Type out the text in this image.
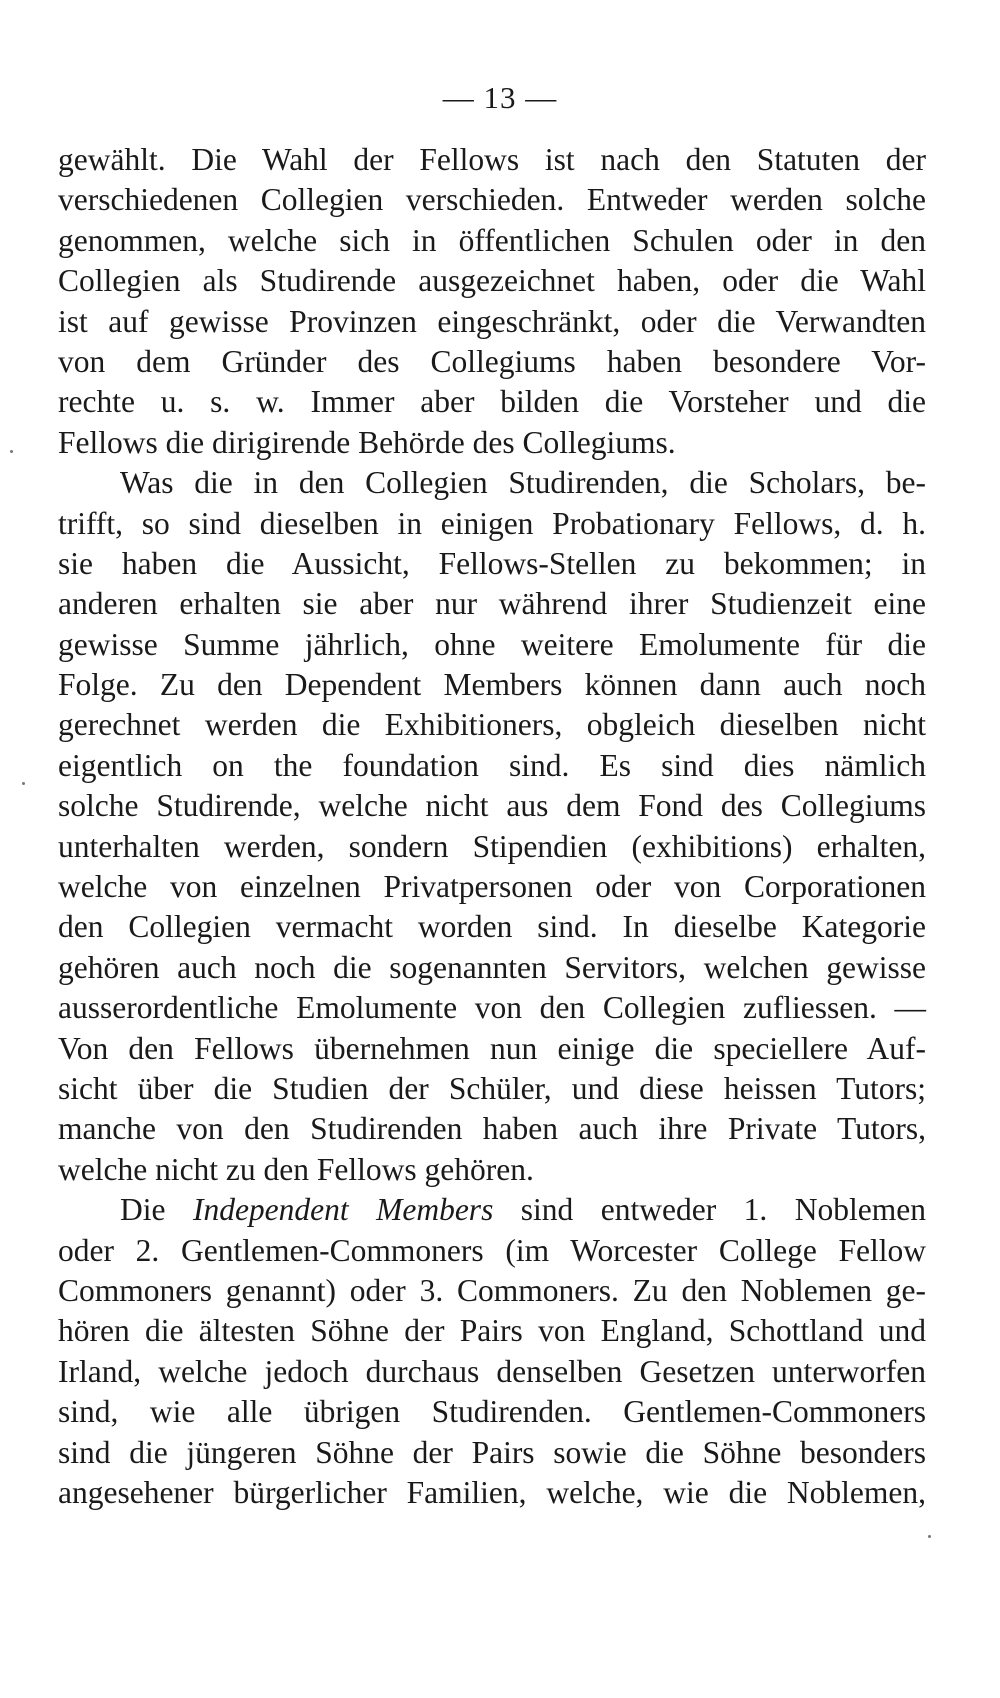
— 13 —
gewählt. Die Wahl der Fellows ist nach den Statuten der
verschiedenen Collegien verschieden. Entweder werden solche
genommen, welche sich in öffentlichen Schulen oder in den
Collegien als Studirende ausgezeichnet haben, oder die Wahl
ist auf gewisse Provinzen eingeschränkt, oder die Verwandten
von dem Gründer des Collegiums haben besondere Vor-
rechte u. s. w. Immer aber bilden die Vorsteher und die
Fellows die dirigirende Behörde des Collegiums.
Was die in den Collegien Studirenden, die Scholars, be-
trifft, so sind dieselben in einigen Probationary Fellows, d. h.
sie haben die Aussicht, Fellows-Stellen zu bekommen; in
anderen erhalten sie aber nur während ihrer Studienzeit eine
gewisse Summe jährlich, ohne weitere Emolumente für die
Folge. Zu den Dependent Members können dann auch noch
gerechnet werden die Exhibitioners, obgleich dieselben nicht
eigentlich on the foundation sind. Es sind dies nämlich
solche Studirende, welche nicht aus dem Fond des Collegiums
unterhalten werden, sondern Stipendien (exhibitions) erhalten,
welche von einzelnen Privatpersonen oder von Corporationen
den Collegien vermacht worden sind. In dieselbe Kategorie
gehören auch noch die sogenannten Servitors, welchen gewisse
ausserordentliche Emolumente von den Collegien zufliessen. —
Von den Fellows übernehmen nun einige die speciellere Auf-
sicht über die Studien der Schüler, und diese heissen Tutors;
manche von den Studirenden haben auch ihre Private Tutors,
welche nicht zu den Fellows gehören.
Die Independent Members sind entweder 1. Noblemen
oder 2. Gentlemen-Commoners (im Worcester College Fellow
Commoners genannt) oder 3. Commoners. Zu den Noblemen ge-
hören die ältesten Söhne der Pairs von England, Schottland und
Irland, welche jedoch durchaus denselben Gesetzen unterworfen
sind, wie alle übrigen Studirenden. Gentlemen-Commoners
sind die jüngeren Söhne der Pairs sowie die Söhne besonders
angesehener bürgerlicher Familien, welche, wie die Noblemen,
